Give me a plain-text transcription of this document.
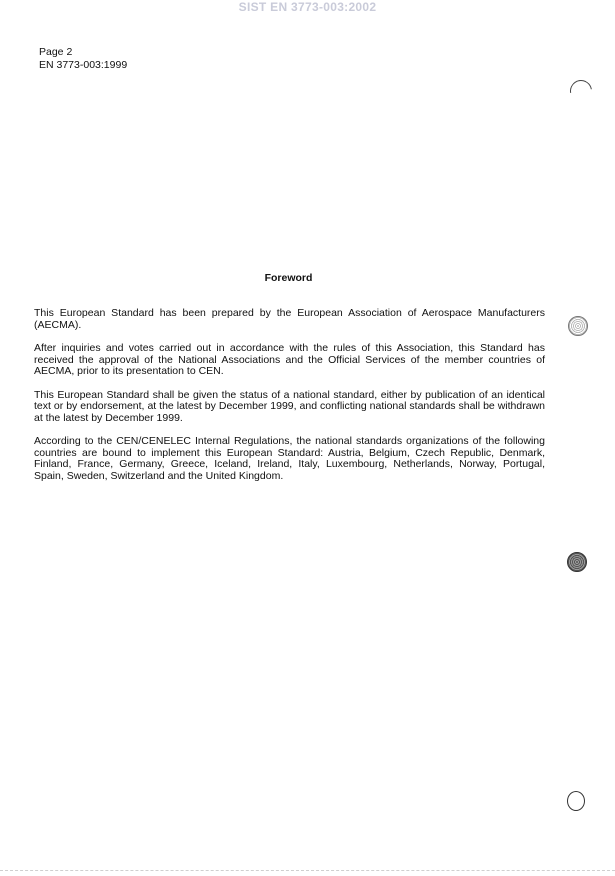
SIST EN 3773-003:2002
Page 2
EN 3773-003:1999
Foreword

This European Standard has been prepared by the European Association of Aerospace Manufacturers (AECMA).

After inquiries and votes carried out in accordance with the rules of this Association, this Standard has received the approval of the National Associations and the Official Services of the member countries of AECMA, prior to its presentation to CEN.

This European Standard shall be given the status of a national standard, either by publication of an identical text or by endorsement, at the latest by December 1999, and conflicting national standards shall be withdrawn at the latest by December 1999.

According to the CEN/CENELEC Internal Regulations, the national standards organizations of the following countries are bound to implement this European Standard: Austria, Belgium, Czech Republic, Denmark, Finland, France, Germany, Greece, Iceland, Ireland, Italy, Luxembourg, Netherlands, Norway, Portugal, Spain, Sweden, Switzerland and the United Kingdom.
